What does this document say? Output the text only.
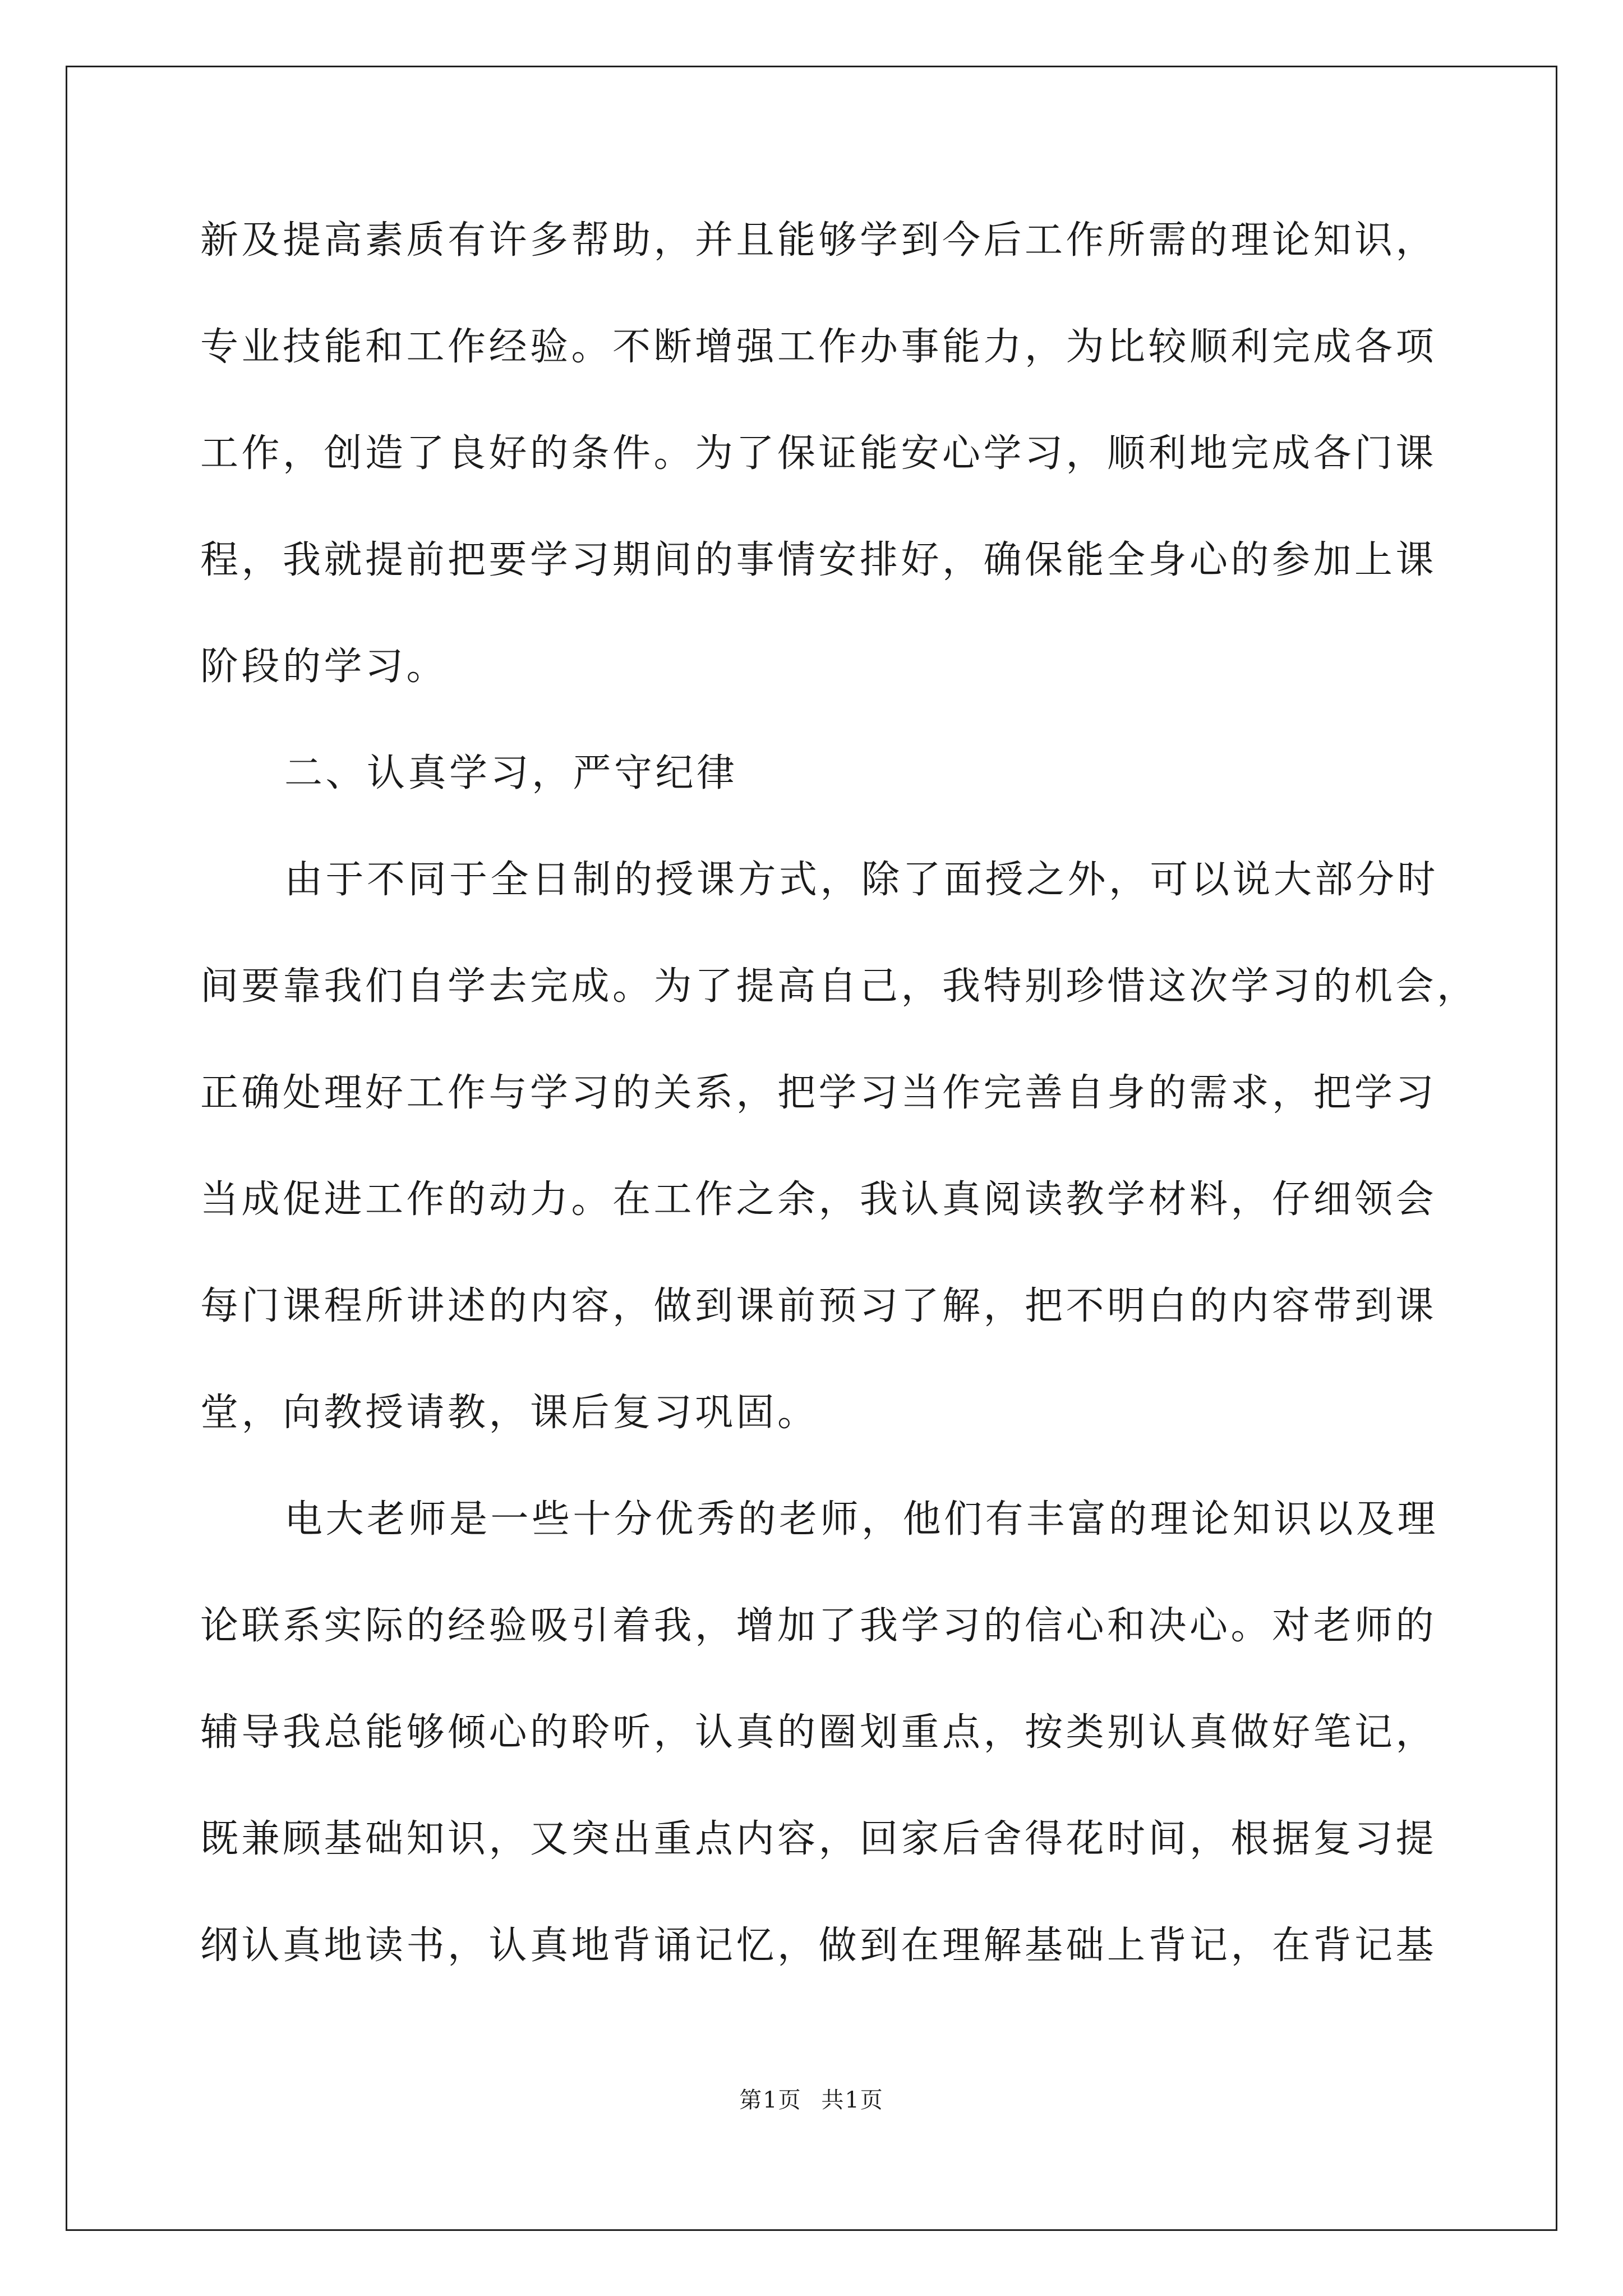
新及提高素质有许多帮助，并且能够学到今后工作所需的理论知识，
专业技能和工作经验。不断增强工作办事能力，为比较顺利完成各项
工作，创造了良好的条件。为了保证能安心学习，顺利地完成各门课
程，我就提前把要学习期间的事情安排好，确保能全身心的参加上课
阶段的学习。
二、认真学习，严守纪律
由于不同于全日制的授课方式，除了面授之外，可以说大部分时
间要靠我们自学去完成。为了提高自己，我特别珍惜这次学习的机会，
正确处理好工作与学习的关系，把学习当作完善自身的需求，把学习
当成促进工作的动力。在工作之余，我认真阅读教学材料，仔细领会
每门课程所讲述的内容，做到课前预习了解，把不明白的内容带到课
堂，向教授请教，课后复习巩固。
电大老师是一些十分优秀的老师，他们有丰富的理论知识以及理
论联系实际的经验吸引着我，增加了我学习的信心和决心。对老师的
辅导我总能够倾心的聆听，认真的圈划重点，按类别认真做好笔记，
既兼顾基础知识，又突出重点内容，回家后舍得花时间，根据复习提
纲认真地读书，认真地背诵记忆，做到在理解基础上背记，在背记基
第1页 共1页
